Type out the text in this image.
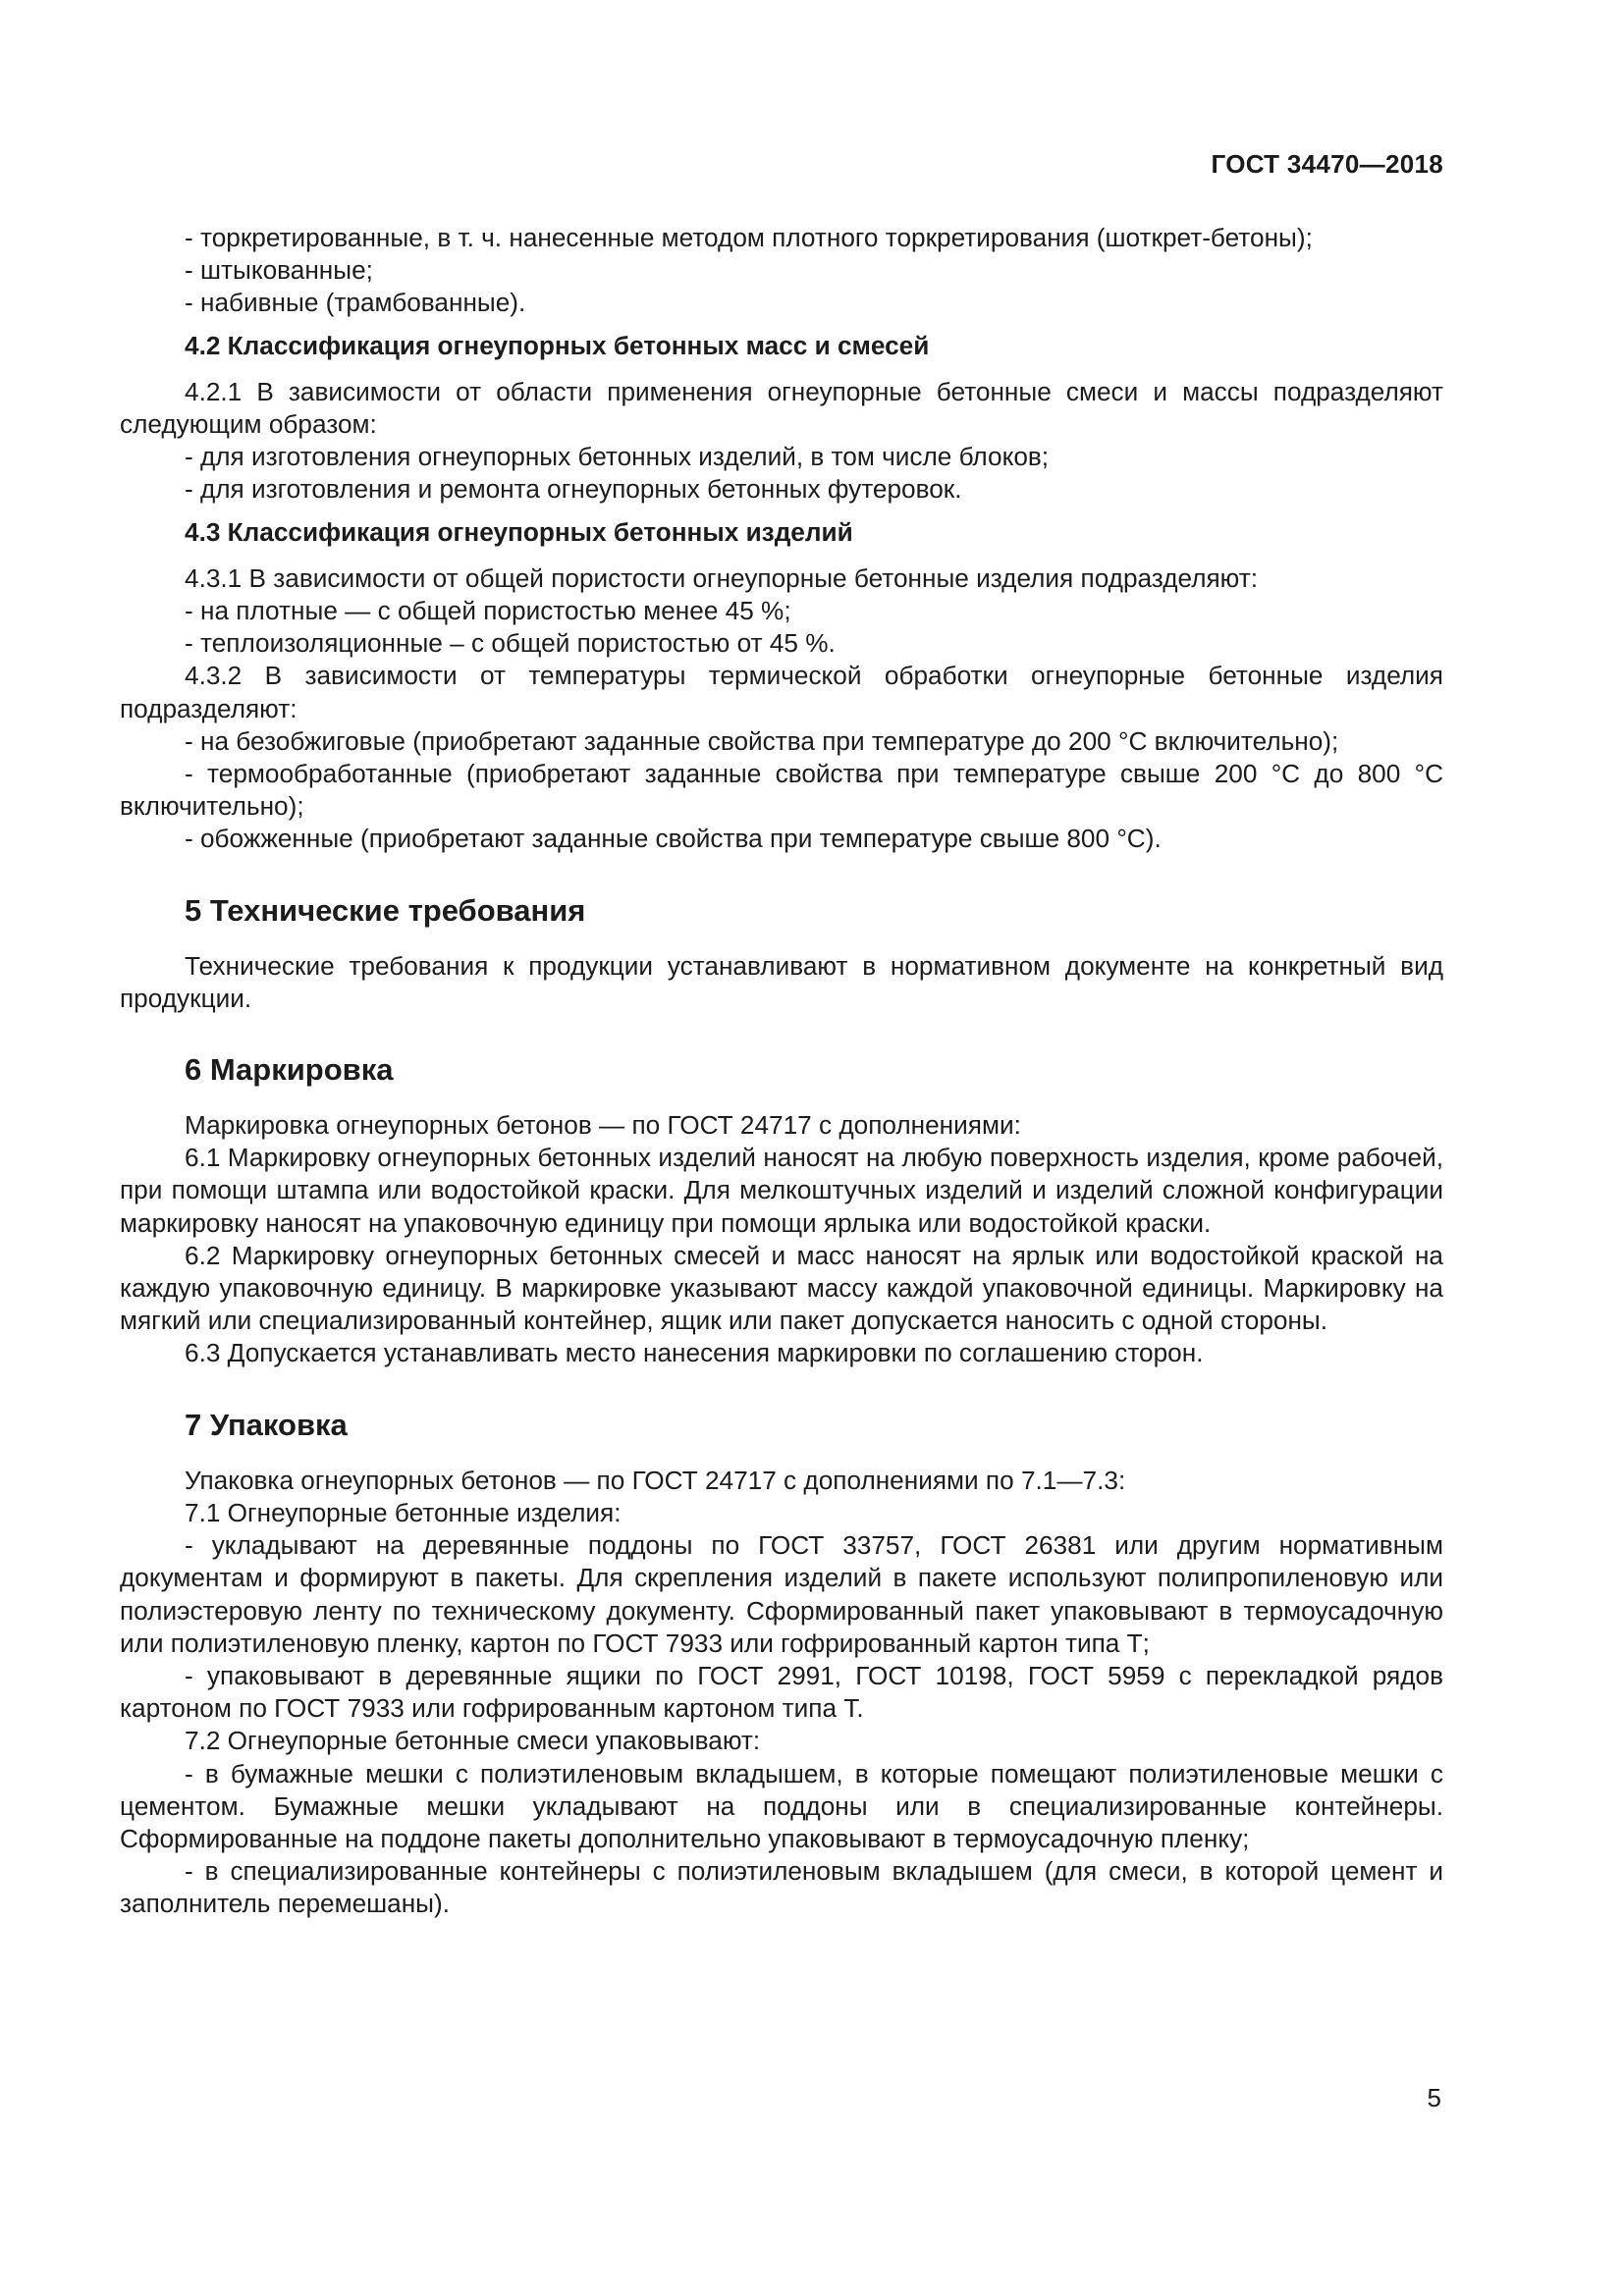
ГОСТ 34470—2018

- торкретированные, в т. ч. нанесенные методом плотного торкретирования (шоткрет-бетоны);

- штыкованные;

- набивные (трамбованные).

4.2 Классификация огнеупорных бетонных масс и смесей

4.2.1 В зависимости от области применения огнеупорные бетонные смеси и массы подразделяют следующим образом:

- для изготовления огнеупорных бетонных изделий, в том числе блоков;

- для изготовления и ремонта огнеупорных бетонных футеровок.

4.3 Классификация огнеупорных бетонных изделий

4.3.1 В зависимости от общей пористости огнеупорные бетонные изделия подразделяют:

- на плотные — с общей пористостью менее 45 %;

- теплоизоляционные – с общей пористостью от 45 %.

4.3.2 В зависимости от температуры термической обработки огнеупорные бетонные изделия подразделяют:

- на безобжиговые (приобретают заданные свойства при температуре до 200 °С включительно);

- термообработанные (приобретают заданные свойства при температуре свыше 200 °С до 800 °С включительно);

- обожженные (приобретают заданные свойства при температуре свыше 800 °С).

5 Технические требования

Технические требования к продукции устанавливают в нормативном документе на конкретный вид продукции.

6 Маркировка

Маркировка огнеупорных бетонов — по ГОСТ 24717 с дополнениями:

6.1 Маркировку огнеупорных бетонных изделий наносят на любую поверхность изделия, кроме рабочей, при помощи штампа или водостойкой краски. Для мелкоштучных изделий и изделий сложной конфигурации маркировку наносят на упаковочную единицу при помощи ярлыка или водостойкой краски.

6.2 Маркировку огнеупорных бетонных смесей и масс наносят на ярлык или водостойкой краской на каждую упаковочную единицу. В маркировке указывают массу каждой упаковочной единицы. Маркировку на мягкий или специализированный контейнер, ящик или пакет допускается наносить с одной стороны.

6.3 Допускается устанавливать место нанесения маркировки по соглашению сторон.

7 Упаковка

Упаковка огнеупорных бетонов — по ГОСТ 24717 с дополнениями по 7.1—7.3:

7.1 Огнеупорные бетонные изделия:

- укладывают на деревянные поддоны по ГОСТ 33757, ГОСТ 26381 или другим нормативным документам и формируют в пакеты. Для скрепления изделий в пакете используют полипропиленовую или полиэстеровую ленту по техническому документу. Сформированный пакет упаковывают в термоусадочную или полиэтиленовую пленку, картон по ГОСТ 7933 или гофрированный картон типа Т;

- упаковывают в деревянные ящики по ГОСТ 2991, ГОСТ 10198, ГОСТ 5959 с перекладкой рядов картоном по ГОСТ 7933 или гофрированным картоном типа Т.

7.2 Огнеупорные бетонные смеси упаковывают:

- в бумажные мешки с полиэтиленовым вкладышем, в которые помещают полиэтиленовые мешки с цементом. Бумажные мешки укладывают на поддоны или в специализированные контейнеры. Сформированные на поддоне пакеты дополнительно упаковывают в термоусадочную пленку;

- в специализированные контейнеры с полиэтиленовым вкладышем (для смеси, в которой цемент и заполнитель перемешаны).

5
